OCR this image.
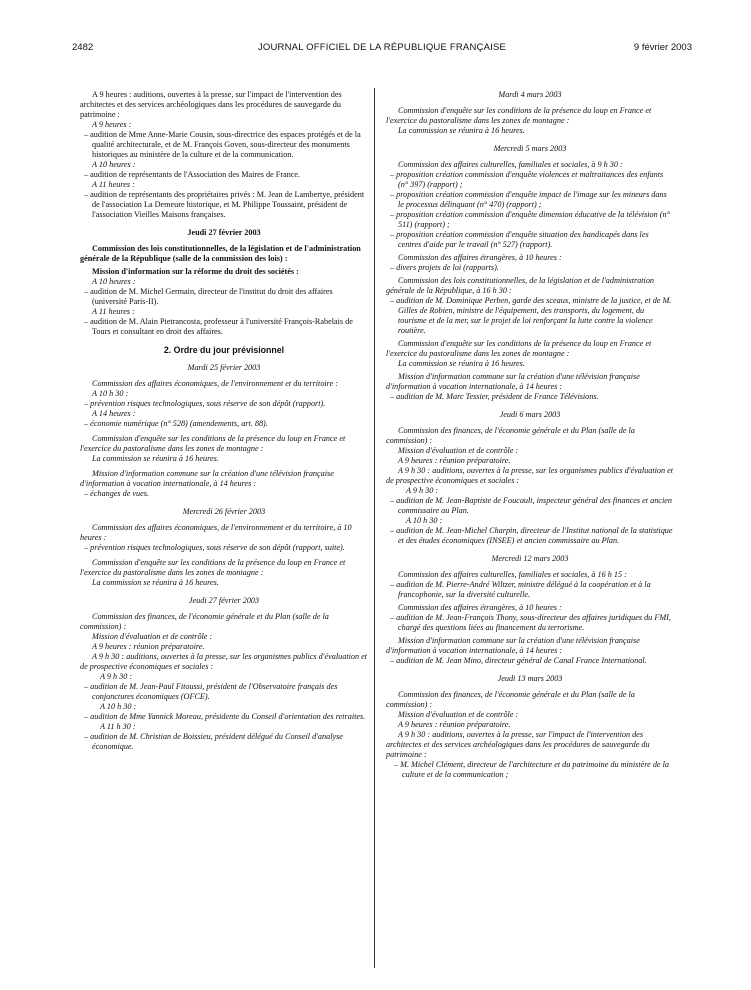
2482	JOURNAL OFFICIEL DE LA RÉPUBLIQUE FRANÇAISE	9 février 2003

A 9 heures : auditions, ouvertes à la presse, sur l'impact de l'intervention des architectes et des services archéologiques dans les procédures de sauvegarde du patrimoine :

A 9 heures :

– audition de Mme Anne-Marie Cousin, sous-directrice des espaces protégés et de la qualité architecturale, et de M. François Goven, sous-directeur des monuments historiques au ministère de la culture et de la communication.

A 10 heures :

– audition de représentants de l'Association des Maires de France.

A 11 heures :

– audition de représentants des propriétaires privés : M. Jean de Lambertye, président de l'association La Demeure historique, et M. Philippe Toussaint, président de l'association Vieilles Maisons françaises.

Jeudi 27 février 2003

Commission des lois constitutionnelles, de la législation et de l'administration générale de la République (salle de la commission des lois) :

Mission d'information sur la réforme du droit des sociétés :

A 10 heures :

– audition de M. Michel Germain, directeur de l'institut du droit des affaires (université Paris-II).

A 11 heures :

– audition de M. Alain Pietrancosta, professeur à l'université François-Rabelais de Tours et consultant en droit des affaires.

2. Ordre du jour prévisionnel

Mardi 25 février 2003

Commission des affaires économiques, de l'environnement et du territoire :

A 10 h 30 :

– prévention risques technologiques, sous réserve de son dépôt (rapport).

A 14 heures :

– économie numérique (n° 528) (amendements, art. 88).

Commission d'enquête sur les conditions de la présence du loup en France et l'exercice du pastoralisme dans les zones de montagne :

La commission se réunira à 16 heures.

Mission d'information commune sur la création d'une télévision française d'information à vocation internationale, à 14 heures :

– échanges de vues.

Mercredi 26 février 2003

Commission des affaires économiques, de l'environnement et du territoire, à 10 heures :

– prévention risques technologiques, sous réserve de son dépôt (rapport, suite).

Commission d'enquête sur les conditions de la présence du loup en France et l'exercice du pastoralisme dans les zones de montagne :

La commission se réunira à 16 heures.

Jeudi 27 février 2003

Commission des finances, de l'économie générale et du Plan (salle de la commission) :

Mission d'évaluation et de contrôle :

A 9 heures : réunion préparatoire.

A 9 h 30 : auditions, ouvertes à la presse, sur les organismes publics d'évaluation et de prospective économiques et sociales :

A 9 h 30 :

– audition de M. Jean-Paul Fitoussi, président de l'Observatoire français des conjonctures économiques (OFCE).

A 10 h 30 :

– audition de Mme Yannick Moreau, présidente du Conseil d'orientation des retraites.

A 11 h 30 :

– audition de M. Christian de Boissieu, président délégué du Conseil d'analyse économique.

Mardi 4 mars 2003

Commission d'enquête sur les conditions de la présence du loup en France et l'exercice du pastoralisme dans les zones de montagne :

La commission se réunira à 16 heures.

Mercredi 5 mars 2003

Commission des affaires culturelles, familiales et sociales, à 9 h 30 :

– proposition création commission d'enquête violences et maltraitances des enfants (n° 397) (rapport) ;

– proposition création commission d'enquête impact de l'image sur les mineurs dans le processus délinquant (n° 470) (rapport) ;

– proposition création commission d'enquête dimension éducative de la télévision (n° 511) (rapport) ;

– proposition création commission d'enquête situation des handicapés dans les centres d'aide par le travail (n° 527) (rapport).

Commission des affaires étrangères, à 10 heures :

– divers projets de loi (rapports).

Commission des lois constitutionnelles, de la législation et de l'administration générale de la République, à 16 h 30 :

– audition de M. Dominique Perben, garde des sceaux, ministre de la justice, et de M. Gilles de Robien, ministre de l'équipement, des transports, du logement, du tourisme et de la mer, sur le projet de loi renforçant la lutte contre la violence routière.

Commission d'enquête sur les conditions de la présence du loup en France et l'exercice du pastoralisme dans les zones de montagne :

La commission se réunira à 16 heures.

Mission d'information commune sur la création d'une télévision française d'information à vocation internationale, à 14 heures :

– audition de M. Marc Tessier, président de France Télévisions.

Jeudi 6 mars 2003

Commission des finances, de l'économie générale et du Plan (salle de la commission) :

Mission d'évaluation et de contrôle :

A 9 heures : réunion préparatoire.

A 9 h 30 : auditions, ouvertes à la presse, sur les organismes publics d'évaluation et de prospective économiques et sociales :

A 9 h 30 :

– audition de M. Jean-Baptiste de Foucault, inspecteur général des finances et ancien commissaire au Plan.

A 10 h 30 :

– audition de M. Jean-Michel Charpin, directeur de l'Institut national de la statistique et des études économiques (INSEE) et ancien commissaire au Plan.

Mercredi 12 mars 2003

Commission des affaires culturelles, familiales et sociales, à 16 h 15 :

– audition de M. Pierre-André Wiltzer, ministre délégué à la coopération et à la francophonie, sur la diversité culturelle.

Commission des affaires étrangères, à 10 heures :

– audition de M. Jean-François Thony, sous-directeur des affaires juridiques du FMI, chargé des questions liées au financement du terrorisme.

Mission d'information commune sur la création d'une télévision française d'information à vocation internationale, à 14 heures :

– audition de M. Jean Mino, directeur général de Canal France International.

Jeudi 13 mars 2003

Commission des finances, de l'économie générale et du Plan (salle de la commission) :

Mission d'évaluation et de contrôle :

A 9 heures : réunion préparatoire.

A 9 h 30 : auditions, ouvertes à la presse, sur l'impact de l'intervention des architectes et des services archéologiques dans les procédures de sauvegarde du patrimoine :

– M. Michel Clément, directeur de l'architecture et du patrimoine du ministère de la culture et de la communication ;
